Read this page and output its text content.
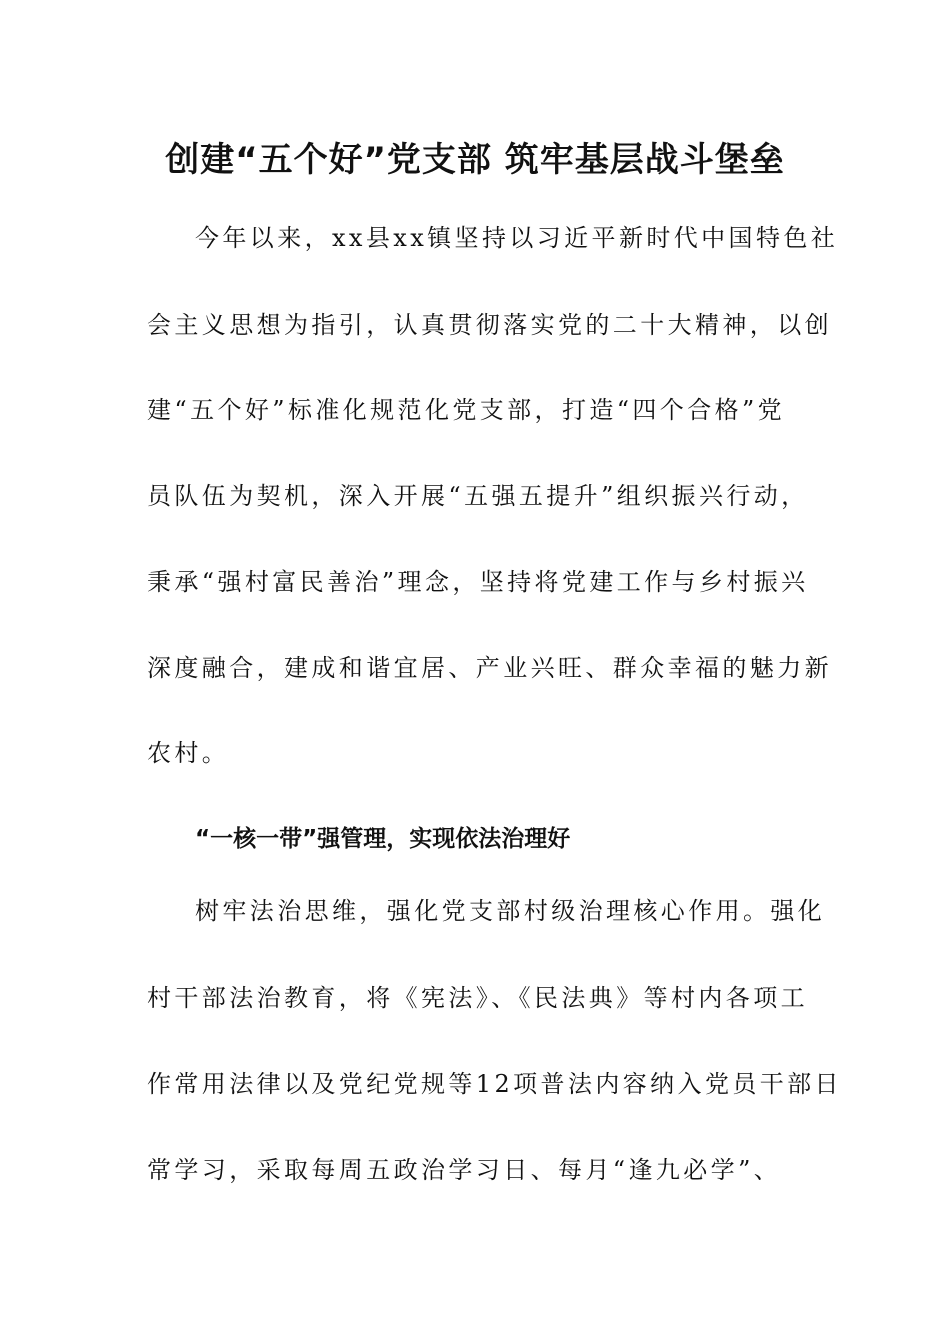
创建“五个好”党支部 筑牢基层战斗堡垒
今年以来，xx县xx镇坚持以习近平新时代中国特色社
会主义思想为指引，认真贯彻落实党的二十大精神，以创
建“五个好”标准化规范化党支部，打造“四个合格”党
员队伍为契机，深入开展“五强五提升”组织振兴行动，
秉承“强村富民善治”理念，坚持将党建工作与乡村振兴
深度融合，建成和谐宜居、产业兴旺、群众幸福的魅力新
农村。
“一核一带”强管理，实现依法治理好
树牢法治思维，强化党支部村级治理核心作用。强化
村干部法治教育，将《宪法》、《民法典》等村内各项工
作常用法律以及党纪党规等12项普法内容纳入党员干部日
常学习，采取每周五政治学习日、每月“逢九必学”、
